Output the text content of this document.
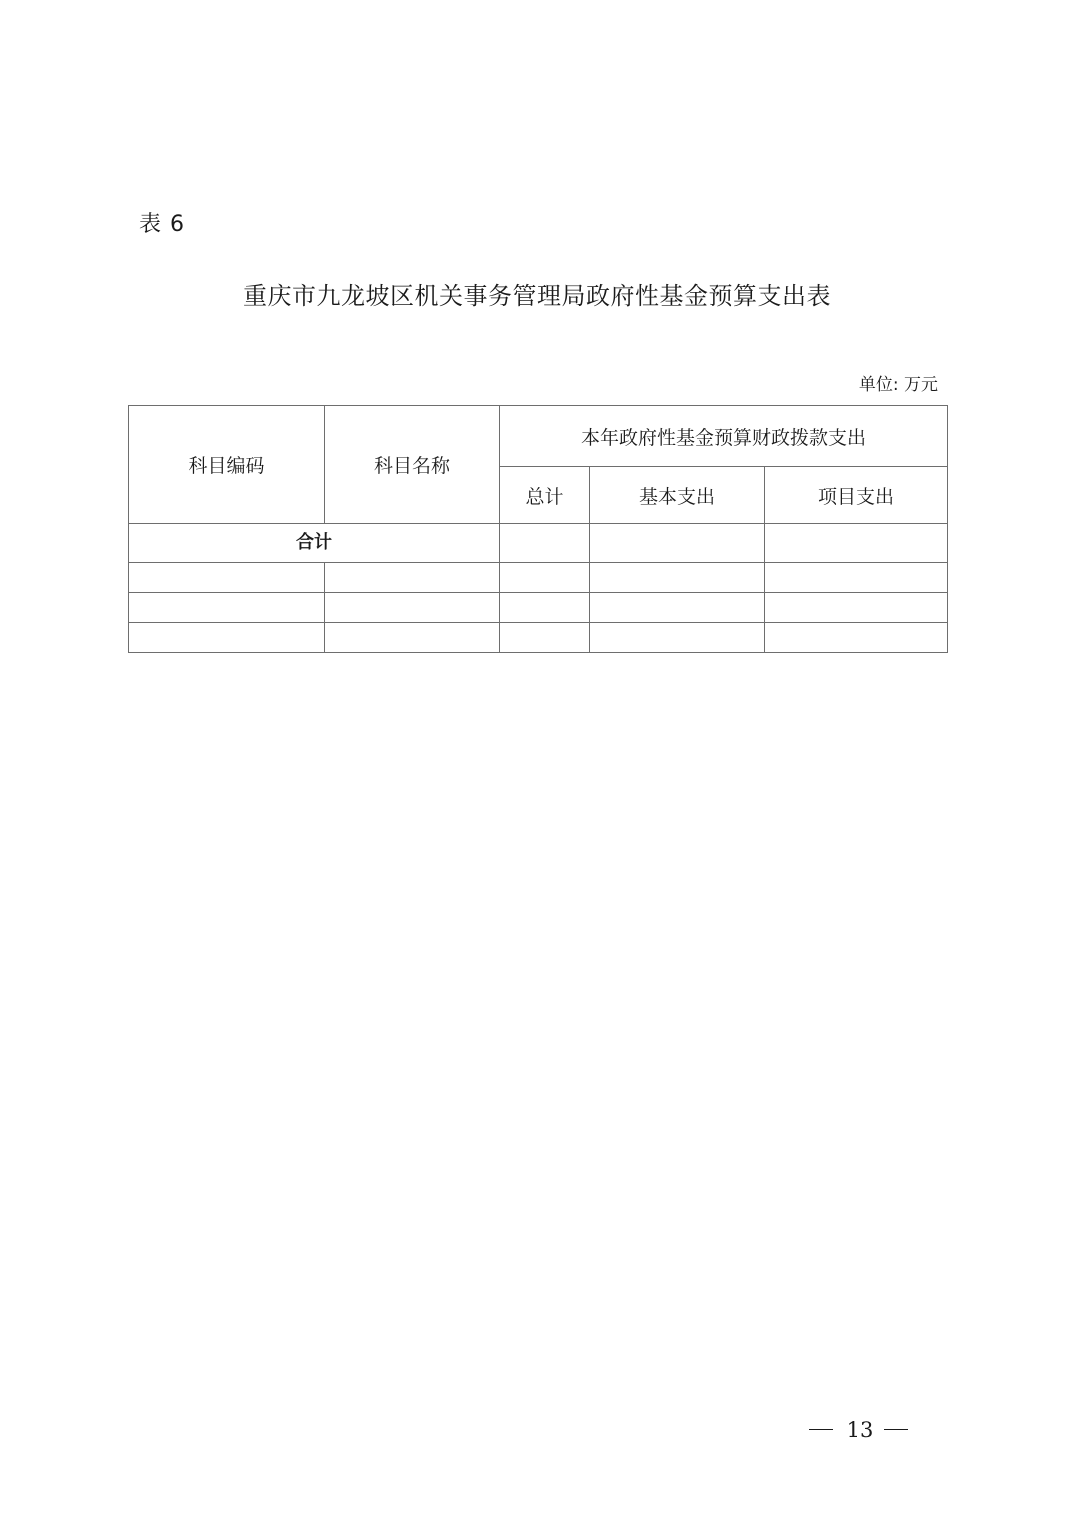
表 6
重庆市九龙坡区机关事务管理局政府性基金预算支出表
单位: 万元
科目编码	科目名称	本年政府性基金预算财政拨款支出		
		总计	基本支出	项目支出
合计				

13
